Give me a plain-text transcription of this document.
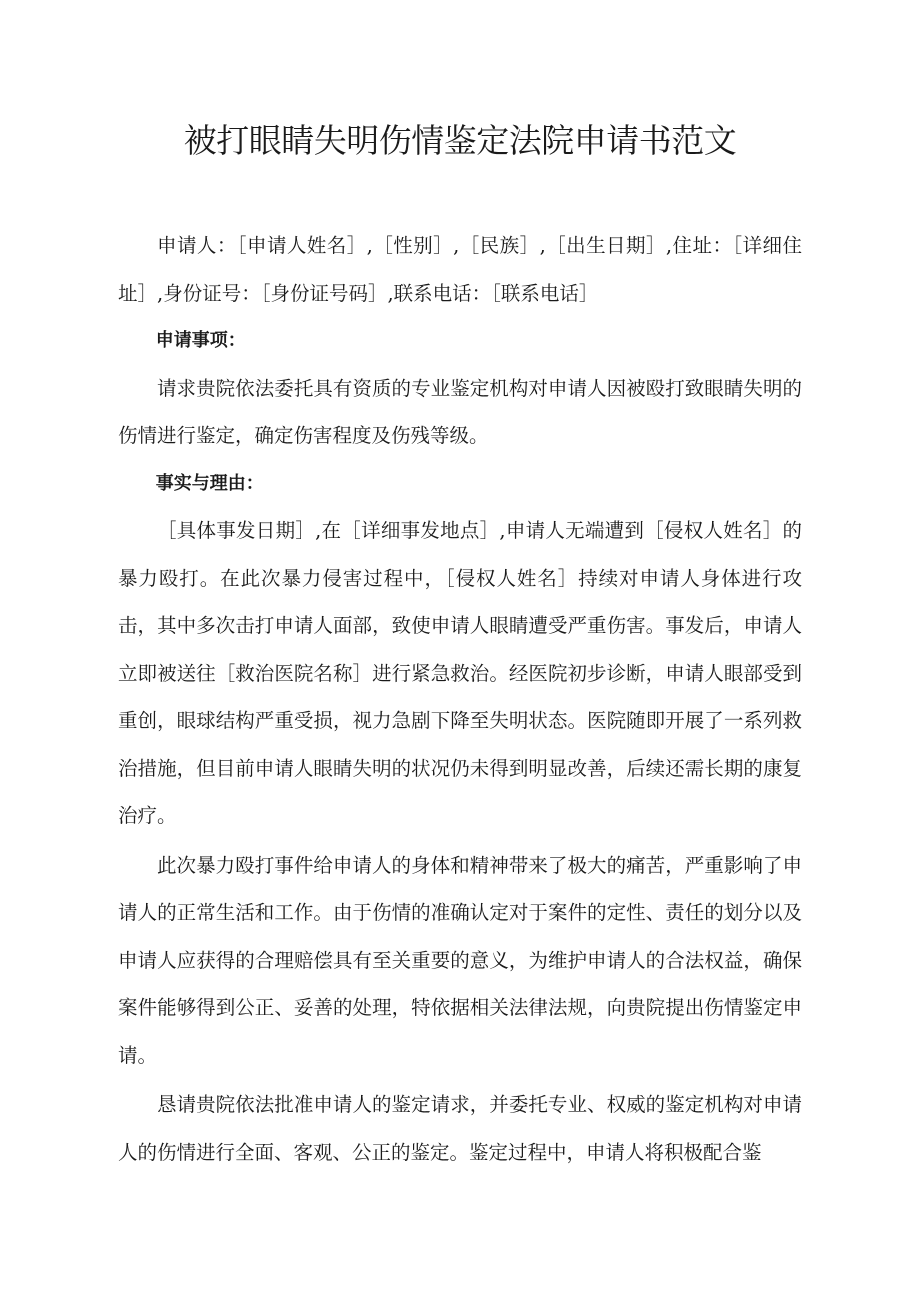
被打眼睛失明伤情鉴定法院申请书范文

申请人：［申请人姓名］,［性别］,［民族］,［出生日期］,住址：［详细住址］,身份证号：［身份证号码］,联系电话：［联系电话］

申请事项：

请求贵院依法委托具有资质的专业鉴定机构对申请人因被殴打致眼睛失明的伤情进行鉴定，确定伤害程度及伤残等级。

事实与理由：

［具体事发日期］,在［详细事发地点］,申请人无端遭到［侵权人姓名］的暴力殴打。在此次暴力侵害过程中，［侵权人姓名］持续对申请人身体进行攻击，其中多次击打申请人面部，致使申请人眼睛遭受严重伤害。事发后，申请人立即被送往［救治医院名称］进行紧急救治。经医院初步诊断，申请人眼部受到重创，眼球结构严重受损，视力急剧下降至失明状态。医院随即开展了一系列救治措施，但目前申请人眼睛失明的状况仍未得到明显改善，后续还需长期的康复治疗。

此次暴力殴打事件给申请人的身体和精神带来了极大的痛苦，严重影响了申请人的正常生活和工作。由于伤情的准确认定对于案件的定性、责任的划分以及申请人应获得的合理赔偿具有至关重要的意义，为维护申请人的合法权益，确保案件能够得到公正、妥善的处理，特依据相关法律法规，向贵院提出伤情鉴定申请。

恳请贵院依法批准申请人的鉴定请求，并委托专业、权威的鉴定机构对申请人的伤情进行全面、客观、公正的鉴定。鉴定过程中，申请人将积极配合鉴
